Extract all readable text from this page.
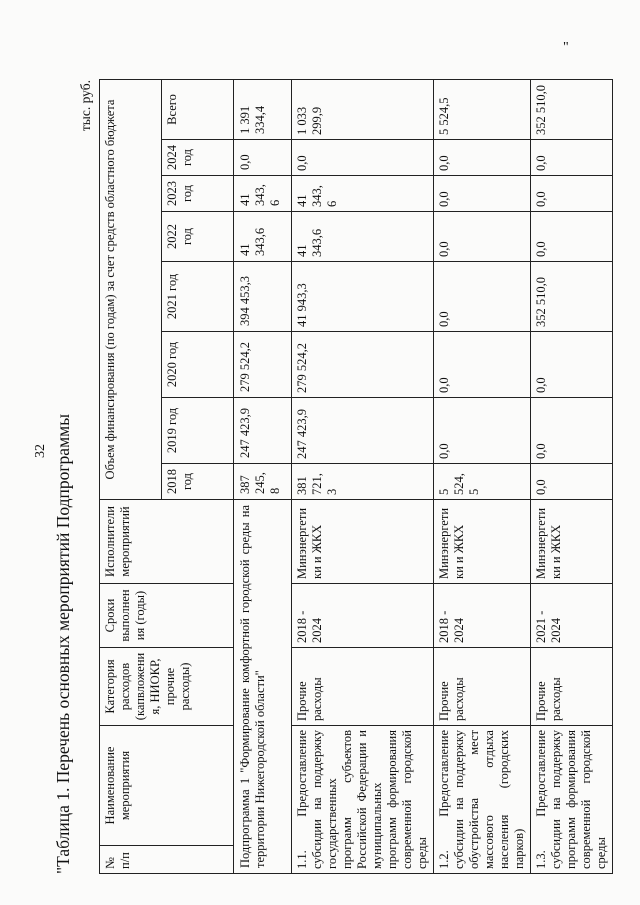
32 "Таблица 1. Перечень основных мероприятий Подпрограммы
тыс. руб.
№ п/п	Наименование мероприятия	Категория расходов (капвложения, НИОКР, прочие расходы)	Сроки выполнения (годы)	Исполнители мероприятий	Объем финансирования (по годам) за счет средств областного бюджета							
					2018 год	2019 год	2020 год	2021 год	2022 год	2023 год	2024 год	Всего
Подпрограмма 1 "Формирование комфортной городской среды на территории Нижегородской области"					387 245,8	247 423,9	279 524,2	394 453,3	41 343,6	41 343,6	0,0	1 391 334,4
1.1. Предоставление субсидии на поддержку государственных программ субъектов Российской Федерации и муниципальных программ формирования современной городской среды		Прочие расходы	2018 - 2024	Минэнергетики и ЖКХ	381 721,3	247 423,9	279 524,2	41 943,3	41 343,6	41 343,6	0,0	1 033 299,9
1.2. Предоставление субсидии на поддержку обустройства мест массового отдыха населения (городских парков)		Прочие расходы	2018 - 2024	Минэнергетики и ЖКХ	5 524,5	0,0	0,0	0,0	0,0	0,0	0,0	5 524,5
1.3. Предоставление субсидии на поддержку программ формирования современной городской среды		Прочие расходы	2021 - 2024	Минэнергетики и ЖКХ	0,0	0,0	0,0	352 510,0	0,0	0,0	0,0	352 510,0
"
